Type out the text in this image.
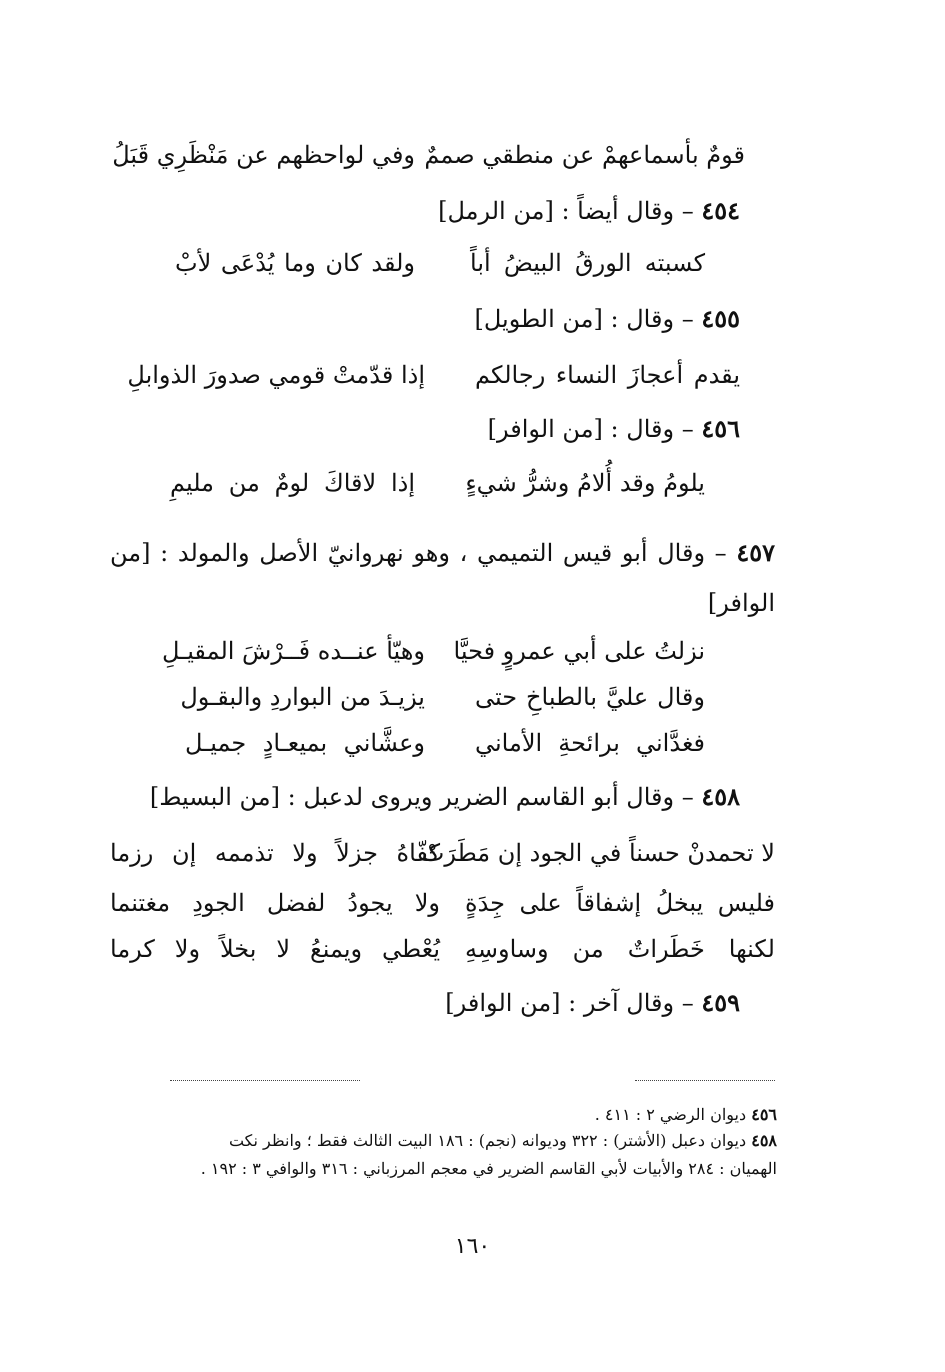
قومٌ بأسماعهمْ عن منطقي صممٌ
وفي لواحظهم عن مَنْظَرِي قَبَلُ
٤٥٤ – وقال أيضاً : [من الرمل]
كسبته الورقُ البيضُ أباً
ولقد كان وما يُدْعَى لأبْ
٤٥٥ – وقال : [من الطويل]
يقدم أعجازَ النساء رجالكم
إذا قدّمتْ قومي صدورَ الذوابلِ
٤٥٦ – وقال : [من الوافر]
يلومُ وقد أُلامُ وشرُّ شيءٍ
إذا لاقاكَ لومٌ من مليمِ
٤٥٧ – وقال أبو قيس التميمي ، وهو نهروانيّ الأصل والمولد : [من الوافر]
نزلتُ على أبي عمروٍ فحيَّا
وهيّأ عنــده فَــرْشَ المقيـلِ
وقال عليَّ بالطباخِ حتى
يزيـدَ من البواردِ والبقـول
فغدَّاني برائحةِ الأماني
وعشَّاني بميعـادٍ جميـل
٤٥٨ – وقال أبو القاسم الضرير ويروى لدعبل : [من البسيط]
لا تحمدنْ حسناً في الجود إن مَطَرَتْ
كفّاهُ جزلاً ولا تذممه إن رزما
فليس يبخلُ إشفاقاً على جِدَةٍ
ولا يجودُ لفضل الجودِ مغتنما
لكنها خَطَراتٌ من وساوسِهِ
يُعْطي ويمنعُ لا بخلاً ولا كرما
٤٥٩ – وقال آخر : [من الوافر]
٤٥٦ ديوان الرضي ٢ : ٤١١ .
٤٥٨ ديوان دعبل (الأشتر) : ٣٢٢ وديوانه (نجم) : ١٨٦ البيت الثالث فقط ؛ وانظر نكت
الهميان : ٢٨٤ والأبيات لأبي القاسم الضرير في معجم المرزباني : ٣١٦ والوافي ٣ : ١٩٢ .
١٦٠
